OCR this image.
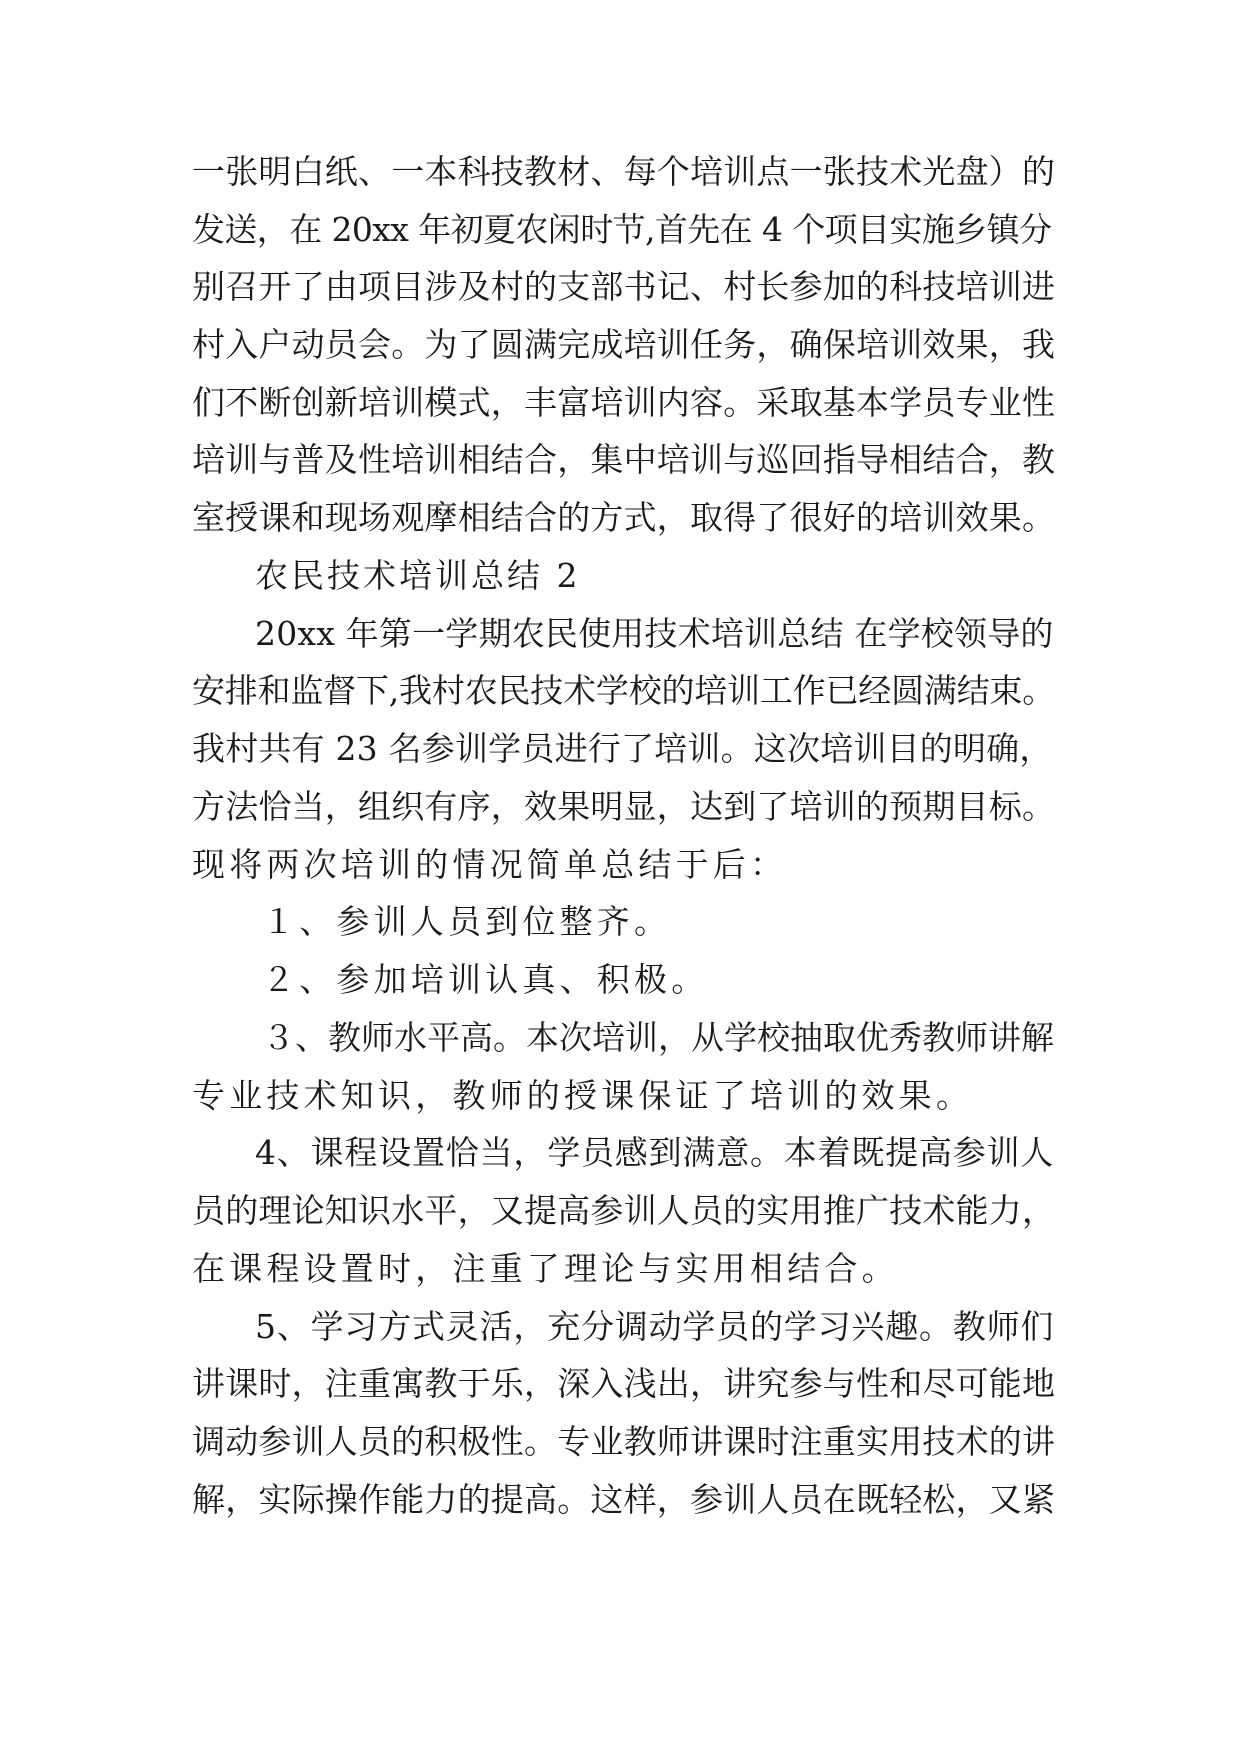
一张明白纸、一本科技教材、每个培训点一张技术光盘）的
发送，在 20xx 年初夏农闲时节,首先在 4 个项目实施乡镇分
别召开了由项目涉及村的支部书记、村长参加的科技培训进
村入户动员会。为了圆满完成培训任务，确保培训效果，我
们不断创新培训模式，丰富培训内容。采取基本学员专业性
培训与普及性培训相结合，集中培训与巡回指导相结合，教
室授课和现场观摩相结合的方式，取得了很好的培训效果。
农民技术培训总结 2
20xx 年第一学期农民使用技术培训总结 在学校领导的
安排和监督下,我村农民技术学校的培训工作已经圆满结束。
我村共有 23 名参训学员进行了培训。这次培训目的明确，
方法恰当，组织有序，效果明显，达到了培训的预期目标。
现将两次培训的情况简单总结于后：
１、参训人员到位整齐。
２、参加培训认真、积极。
３、教师水平高。本次培训，从学校抽取优秀教师讲解
专业技术知识，教师的授课保证了培训的效果。
4、课程设置恰当，学员感到满意。本着既提高参训人
员的理论知识水平，又提高参训人员的实用推广技术能力，
在课程设置时，注重了理论与实用相结合。
5、学习方式灵活，充分调动学员的学习兴趣。教师们
讲课时，注重寓教于乐，深入浅出，讲究参与性和尽可能地
调动参训人员的积极性。专业教师讲课时注重实用技术的讲
解，实际操作能力的提高。这样，参训人员在既轻松，又紧
